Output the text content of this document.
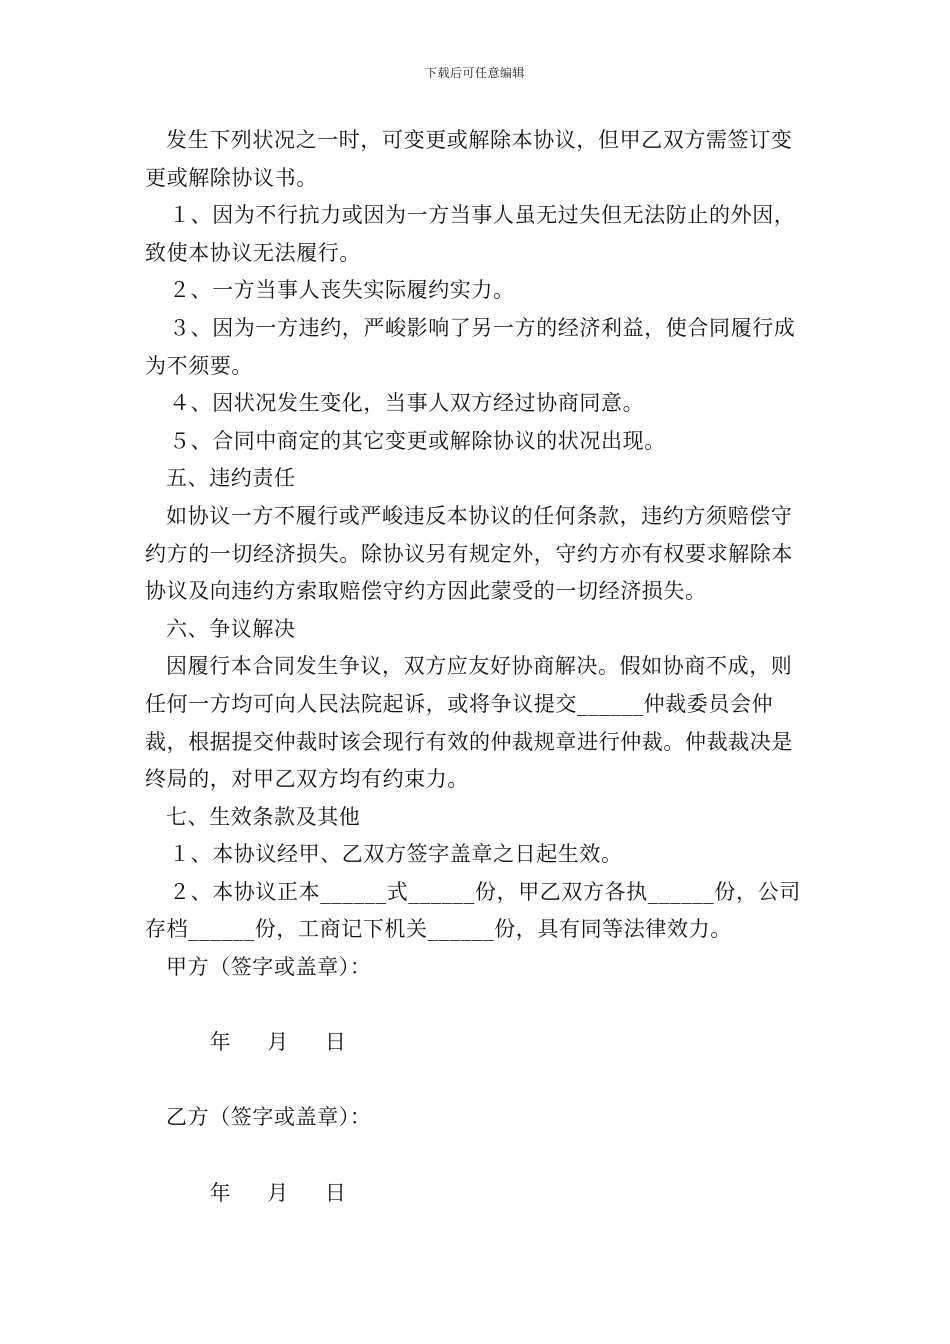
下载后可任意编辑

发生下列状况之一时，可变更或解除本协议，但甲乙双方需签订变更或解除协议书。

１、因为不行抗力或因为一方当事人虽无过失但无法防止的外因，致使本协议无法履行。

２、一方当事人丧失实际履约实力。

３、因为一方违约，严峻影响了另一方的经济利益，使合同履行成为不须要。

４、因状况发生变化，当事人双方经过协商同意。

５、合同中商定的其它变更或解除协议的状况出现。

五、违约责任

如协议一方不履行或严峻违反本协议的任何条款，违约方须赔偿守约方的一切经济损失。除协议另有规定外，守约方亦有权要求解除本协议及向违约方索取赔偿守约方因此蒙受的一切经济损失。

六、争议解决

因履行本合同发生争议，双方应友好协商解决。假如协商不成，则任何一方均可向人民法院起诉，或将争议提交______仲裁委员会仲裁，根据提交仲裁时该会现行有效的仲裁规章进行仲裁。仲裁裁决是终局的，对甲乙双方均有约束力。

七、生效条款及其他

１、本协议经甲、乙双方签字盖章之日起生效。

２、本协议正本______式______份，甲乙双方各执______份，公司存档______份，工商记下机关______份，具有同等法律效力。

甲方（签字或盖章）：

年 月 日

乙方（签字或盖章）：

年 月 日
